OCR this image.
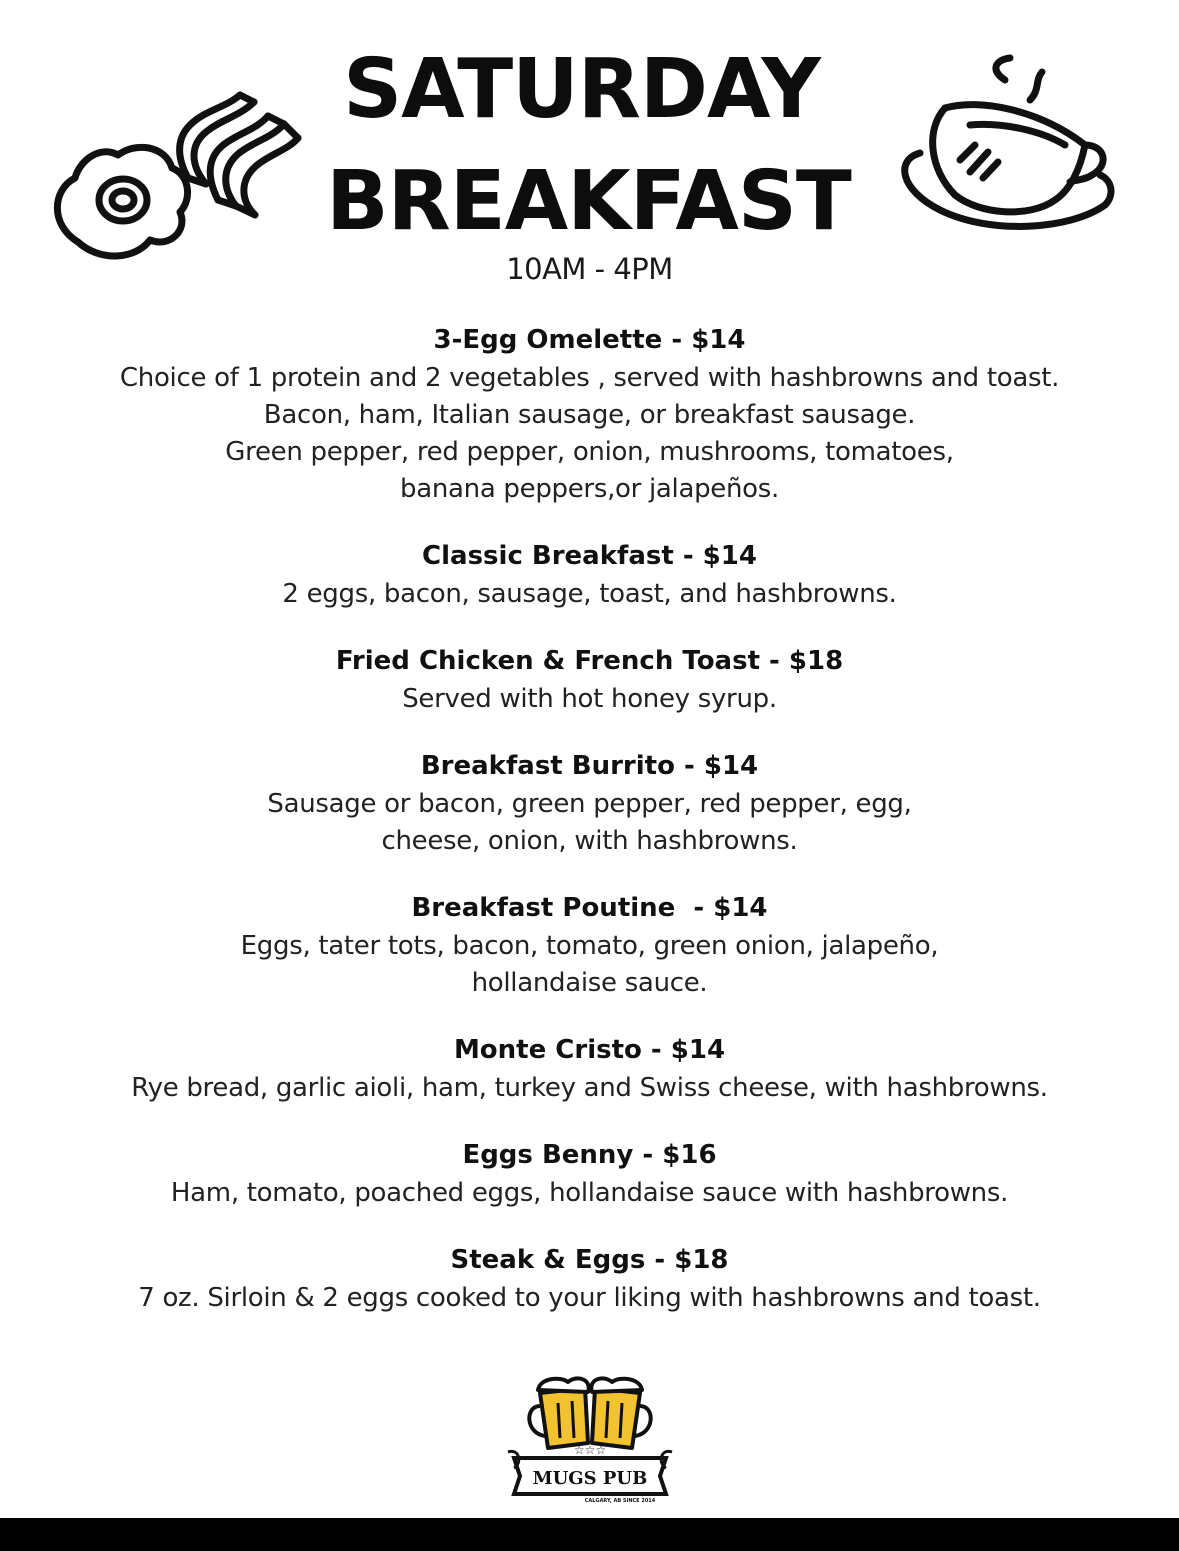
SATURDAY
BREAKFAST
10AM - 4PM
3-Egg Omelette - $14
Choice of 1 protein and 2 vegetables , served with hashbrowns and toast.
Bacon, ham, Italian sausage, or breakfast sausage.
Green pepper, red pepper, onion, mushrooms, tomatoes,
banana peppers,or jalapeños.
Classic Breakfast - $14
2 eggs, bacon, sausage, toast, and hashbrowns.
Fried Chicken & French Toast - $18
Served with hot honey syrup.
Breakfast Burrito - $14
Sausage or bacon, green pepper, red pepper, egg,
cheese, onion, with hashbrowns.
Breakfast Poutine  - $14
Eggs, tater tots, bacon, tomato, green onion, jalapeño,
hollandaise sauce.
Monte Cristo - $14
Rye bread, garlic aioli, ham, turkey and Swiss cheese, with hashbrowns.
Eggs Benny - $16
Ham, tomato, poached eggs, hollandaise sauce with hashbrowns.
Steak & Eggs - $18
7 oz. Sirloin & 2 eggs cooked to your liking with hashbrowns and toast.
☆☆☆
MUGS PUB
CALGARY, AB SINCE 2014
